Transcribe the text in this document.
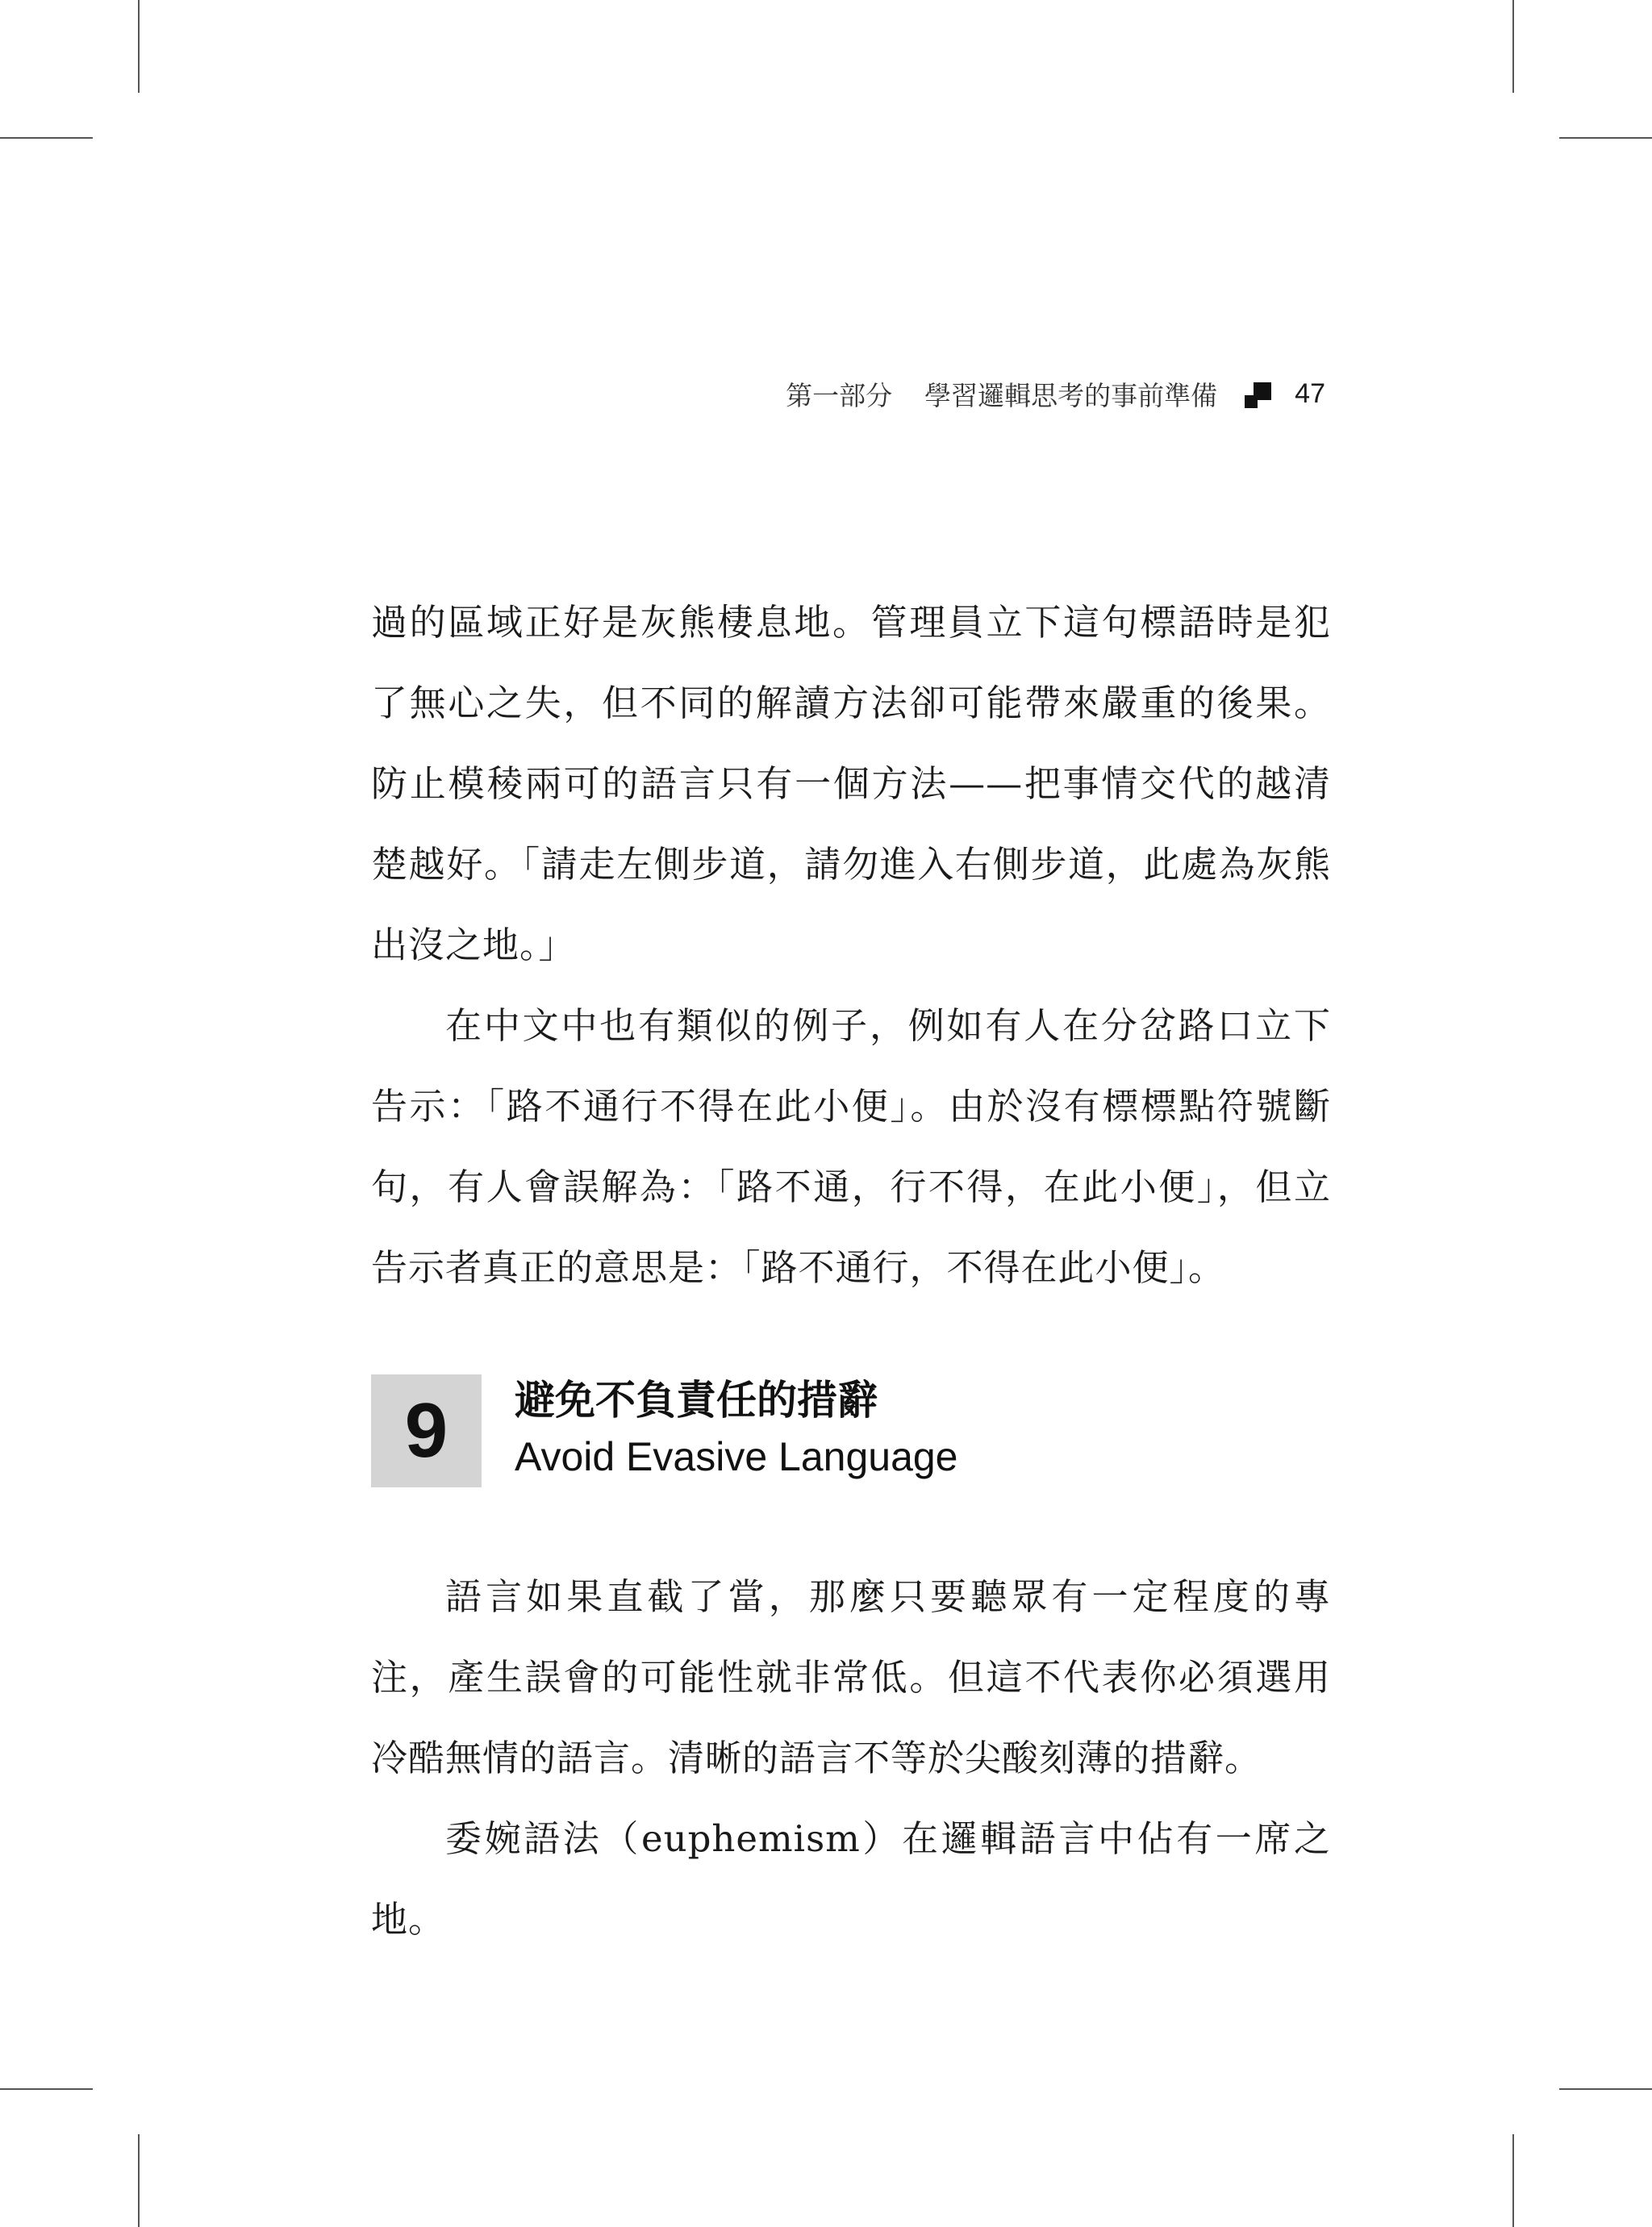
第一部分 學習邏輯思考的事前準備	47

過的區域正好是灰熊棲息地。管理員立下這句標語時是犯了無心之失，但不同的解讀方法卻可能帶來嚴重的後果。防止模稜兩可的語言只有一個方法——把事情交代的越清楚越好。「請走左側步道，請勿進入右側步道，此處為灰熊出沒之地。」

在中文中也有類似的例子，例如有人在分岔路口立下告示：「路不通行不得在此小便」。由於沒有標標點符號斷句，有人會誤解為：「路不通，行不得，在此小便」，但立告示者真正的意思是：「路不通行，不得在此小便」。

9 避免不負責任的措辭
Avoid Evasive Language

語言如果直截了當，那麼只要聽眾有一定程度的專注，產生誤會的可能性就非常低。但這不代表你必須選用冷酷無情的語言。清晰的語言不等於尖酸刻薄的措辭。

委婉語法（euphemism）在邏輯語言中佔有一席之地。
